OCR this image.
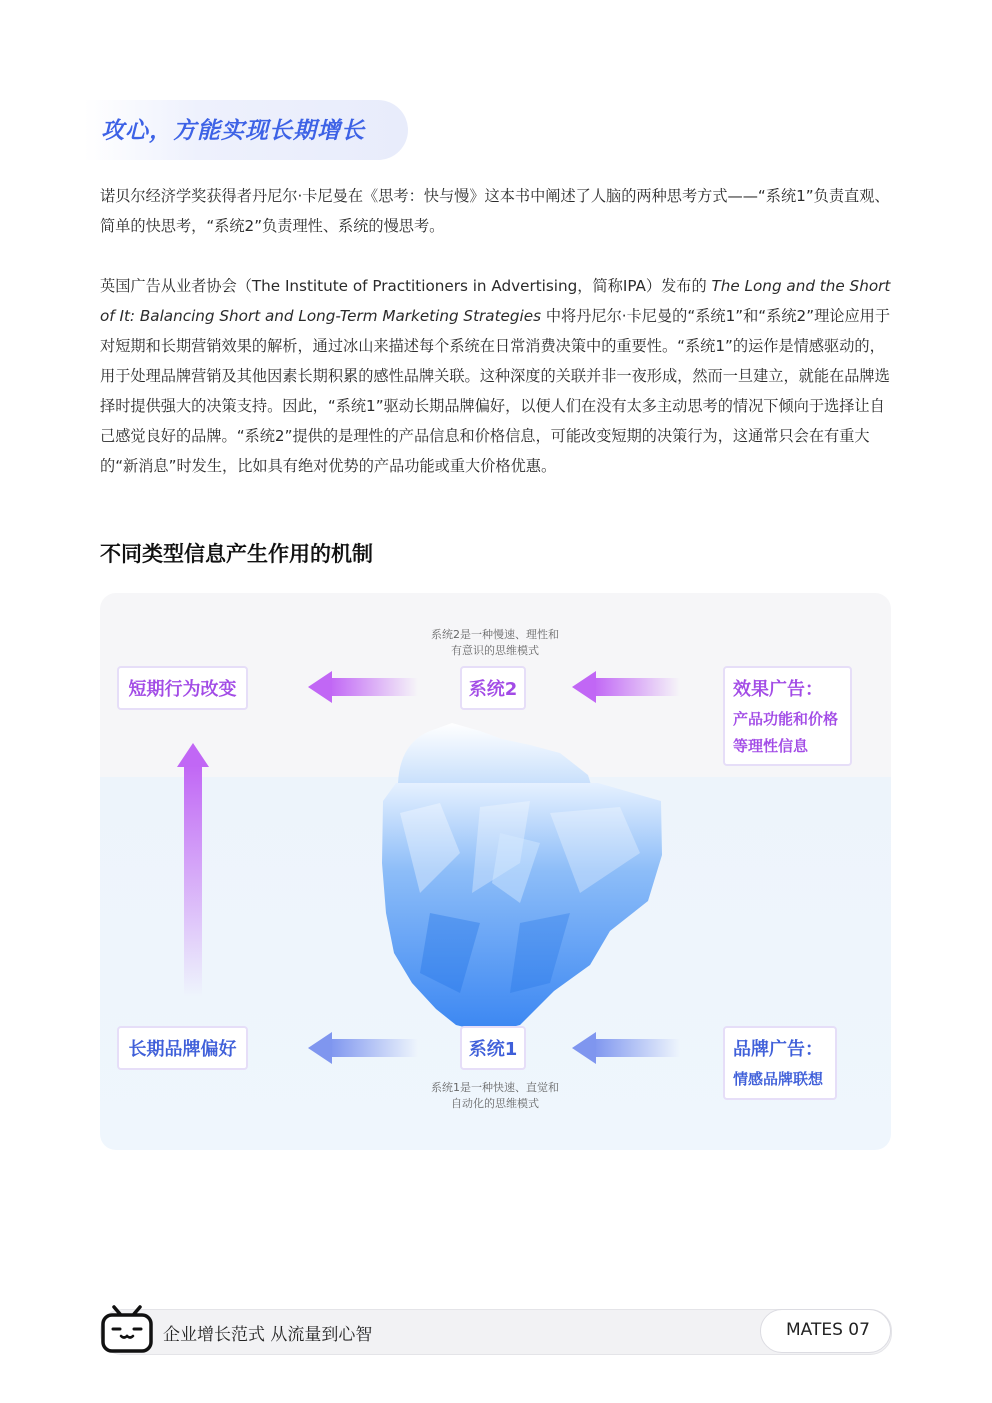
攻心，方能实现长期增长

诺贝尔经济学奖获得者丹尼尔·卡尼曼在《思考：快与慢》这本书中阐述了人脑的两种思考方式——“系统1”负责直观、简单的快思考，“系统2”负责理性、系统的慢思考。

英国广告从业者协会（The Institute of Practitioners in Advertising，简称IPA）发布的 The Long and the Short of It: Balancing Short and Long-Term Marketing Strategies 中将丹尼尔·卡尼曼的“系统1”和“系统2”理论应用于对短期和长期营销效果的解析，通过冰山来描述每个系统在日常消费决策中的重要性。“系统1”的运作是情感驱动的，用于处理品牌营销及其他因素长期积累的感性品牌关联。这种深度的关联并非一夜形成，然而一旦建立，就能在品牌选择时提供强大的决策支持。因此，“系统1”驱动长期品牌偏好，以便人们在没有太多主动思考的情况下倾向于选择让自己感觉良好的品牌。“系统2”提供的是理性的产品信息和价格信息，可能改变短期的决策行为，这通常只会在有重大的“新消息”时发生，比如具有绝对优势的产品功能或重大价格优惠。

不同类型信息产生作用的机制
系统2是一种慢速、理性和
有意识的思维模式
短期行为改变	系统2	效果广告：
产品功能和价格
等理性信息
长期品牌偏好	系统1	品牌广告：
情感品牌联想
系统1是一种快速、直觉和
自动化的思维模式
企业增长范式 从流量到心智	MATES 07
